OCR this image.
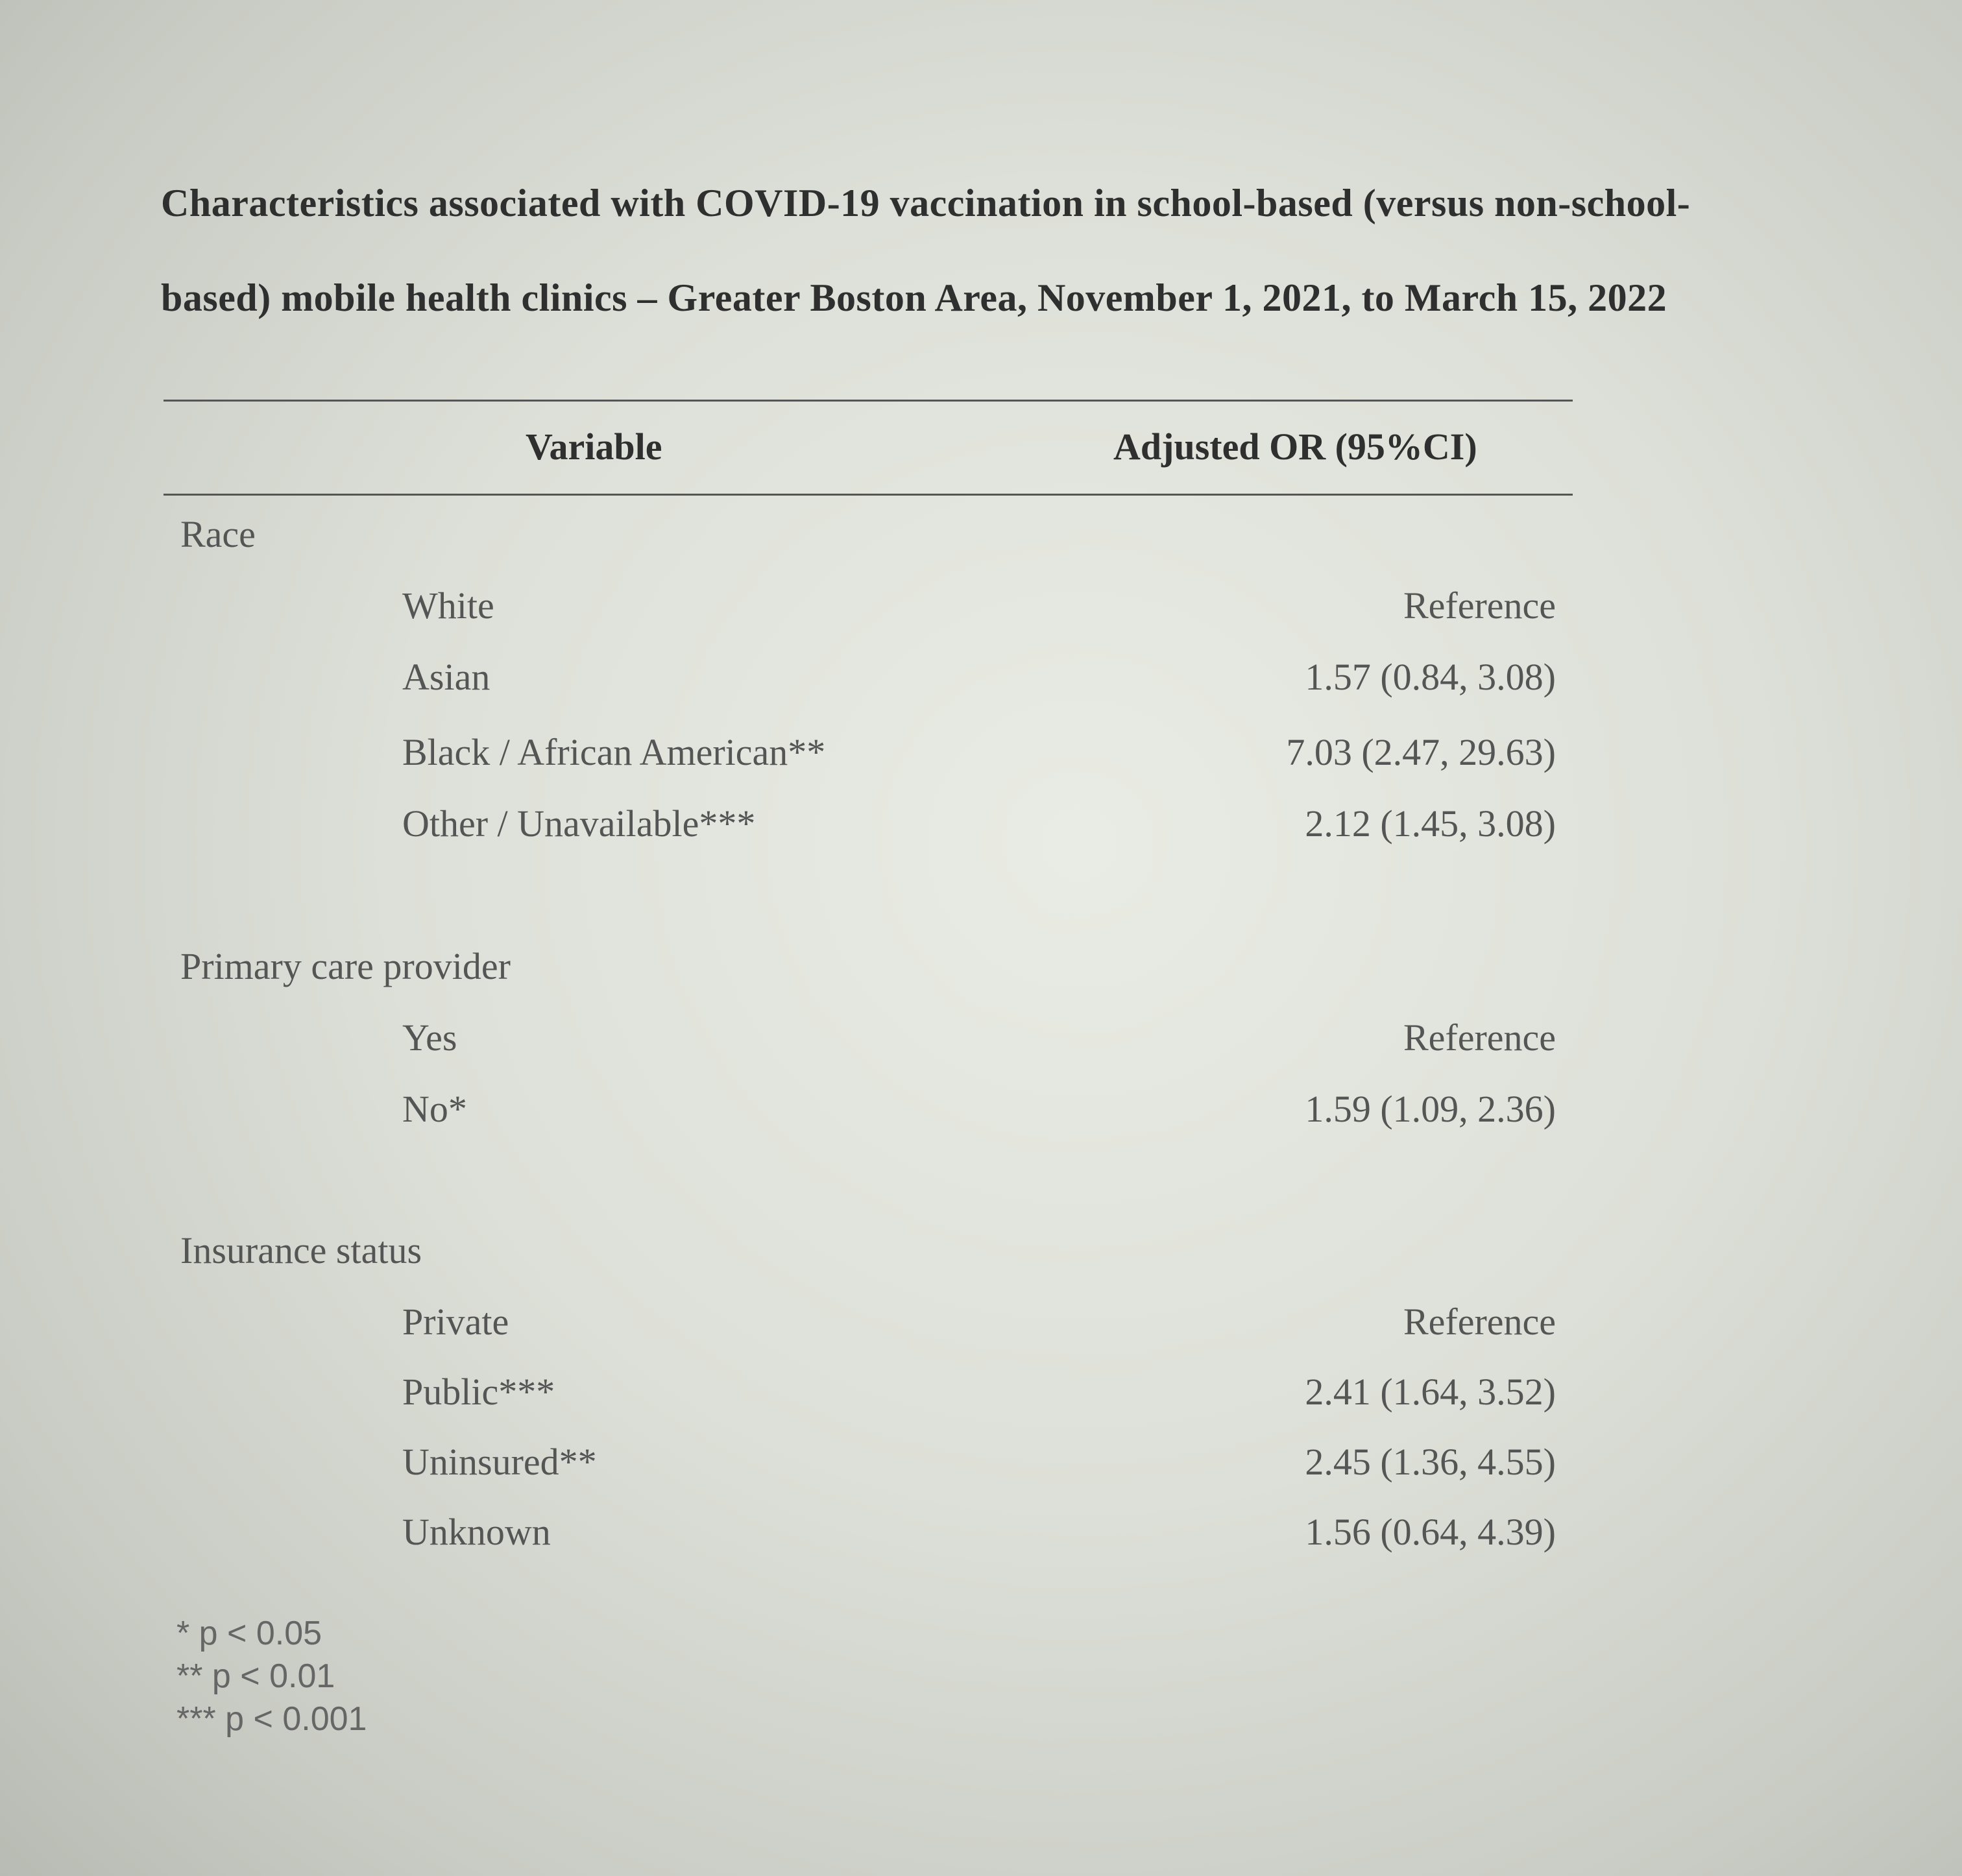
Characteristics associated with COVID-19 vaccination in school-based (versus non-school-
based) mobile health clinics – Greater Boston Area, November 1, 2021, to March 15, 2022
Variable	Adjusted OR (95%CI)
Race
White	Reference
Asian	1.57 (0.84, 3.08)
Black / African American**	7.03 (2.47, 29.63)
Other / Unavailable***	2.12 (1.45, 3.08)
Primary care provider
Yes	Reference
No*	1.59 (1.09, 2.36)
Insurance status
Private	Reference
Public***	2.41 (1.64, 3.52)
Uninsured**	2.45 (1.36, 4.55)
Unknown	1.56 (0.64, 4.39)
* p < 0.05
** p < 0.01
*** p < 0.001
